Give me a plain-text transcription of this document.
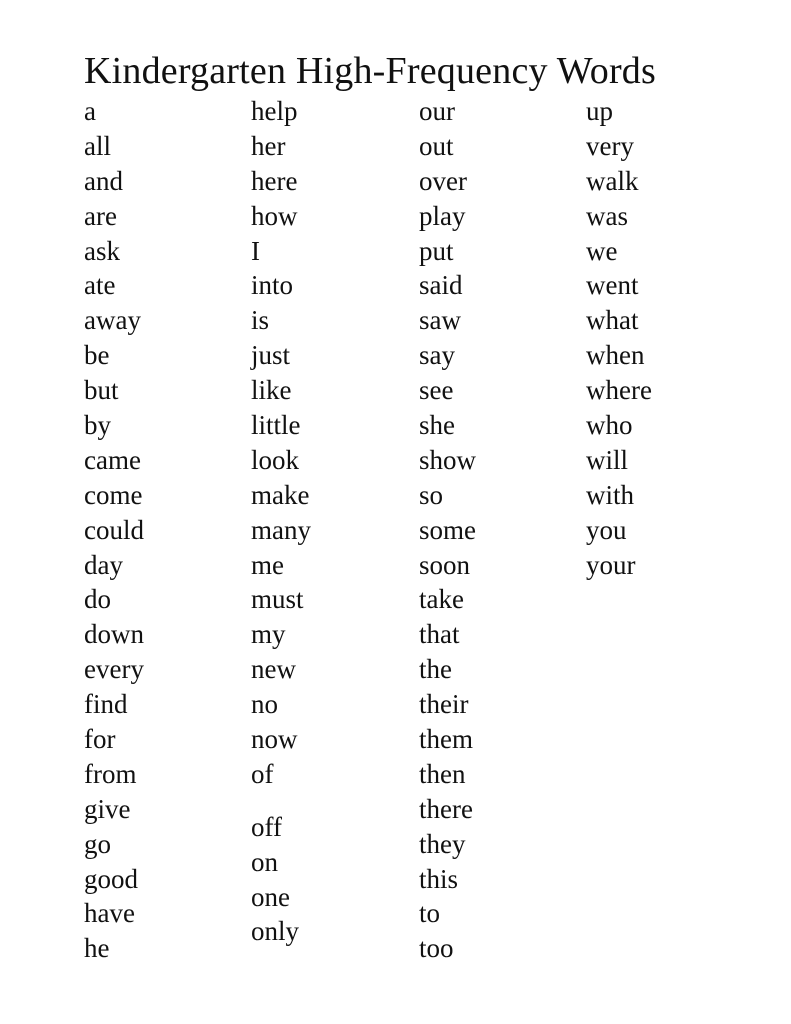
Kindergarten High-Frequency Words
a
all
and
are
ask
ate
away
be
but
by
came
come
could
day
do
down
every
find
for
from
give
go
good
have
he
help
her
here
how
I
into
is
just
like
little
look
make
many
me
must
my
new
no
now
of
off
on
one
only
our
out
over
play
put
said
saw
say
see
she
show
so
some
soon
take
that
the
their
them
then
there
they
this
to
too
up
very
walk
was
we
went
what
when
where
who
will
with
you
your
